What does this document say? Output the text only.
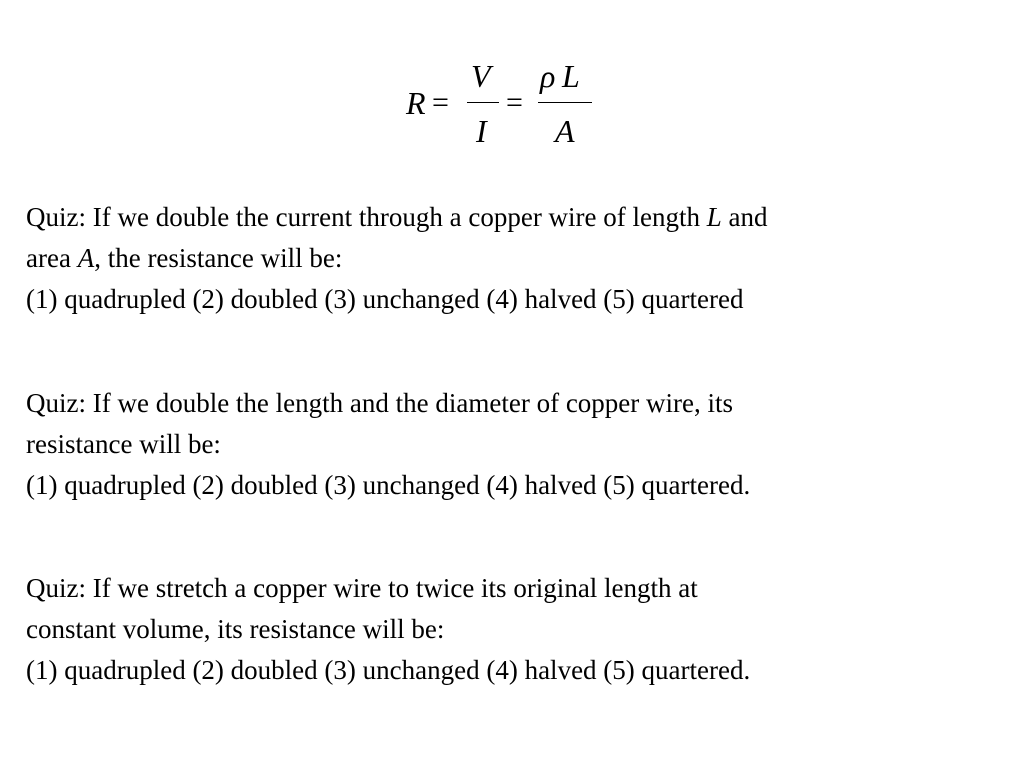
R =
V
I
=
ρ L
A
Quiz: If we double the current through a copper wire of length L and
area A, the resistance will be:
(1) quadrupled (2) doubled (3) unchanged (4) halved (5) quartered
Quiz: If we double the length and the diameter of copper wire, its
resistance will be:
(1) quadrupled (2) doubled (3) unchanged (4) halved (5) quartered.
Quiz: If we stretch a copper wire to twice its original length at
constant volume, its resistance will be:
(1) quadrupled (2) doubled (3) unchanged (4) halved (5) quartered.
